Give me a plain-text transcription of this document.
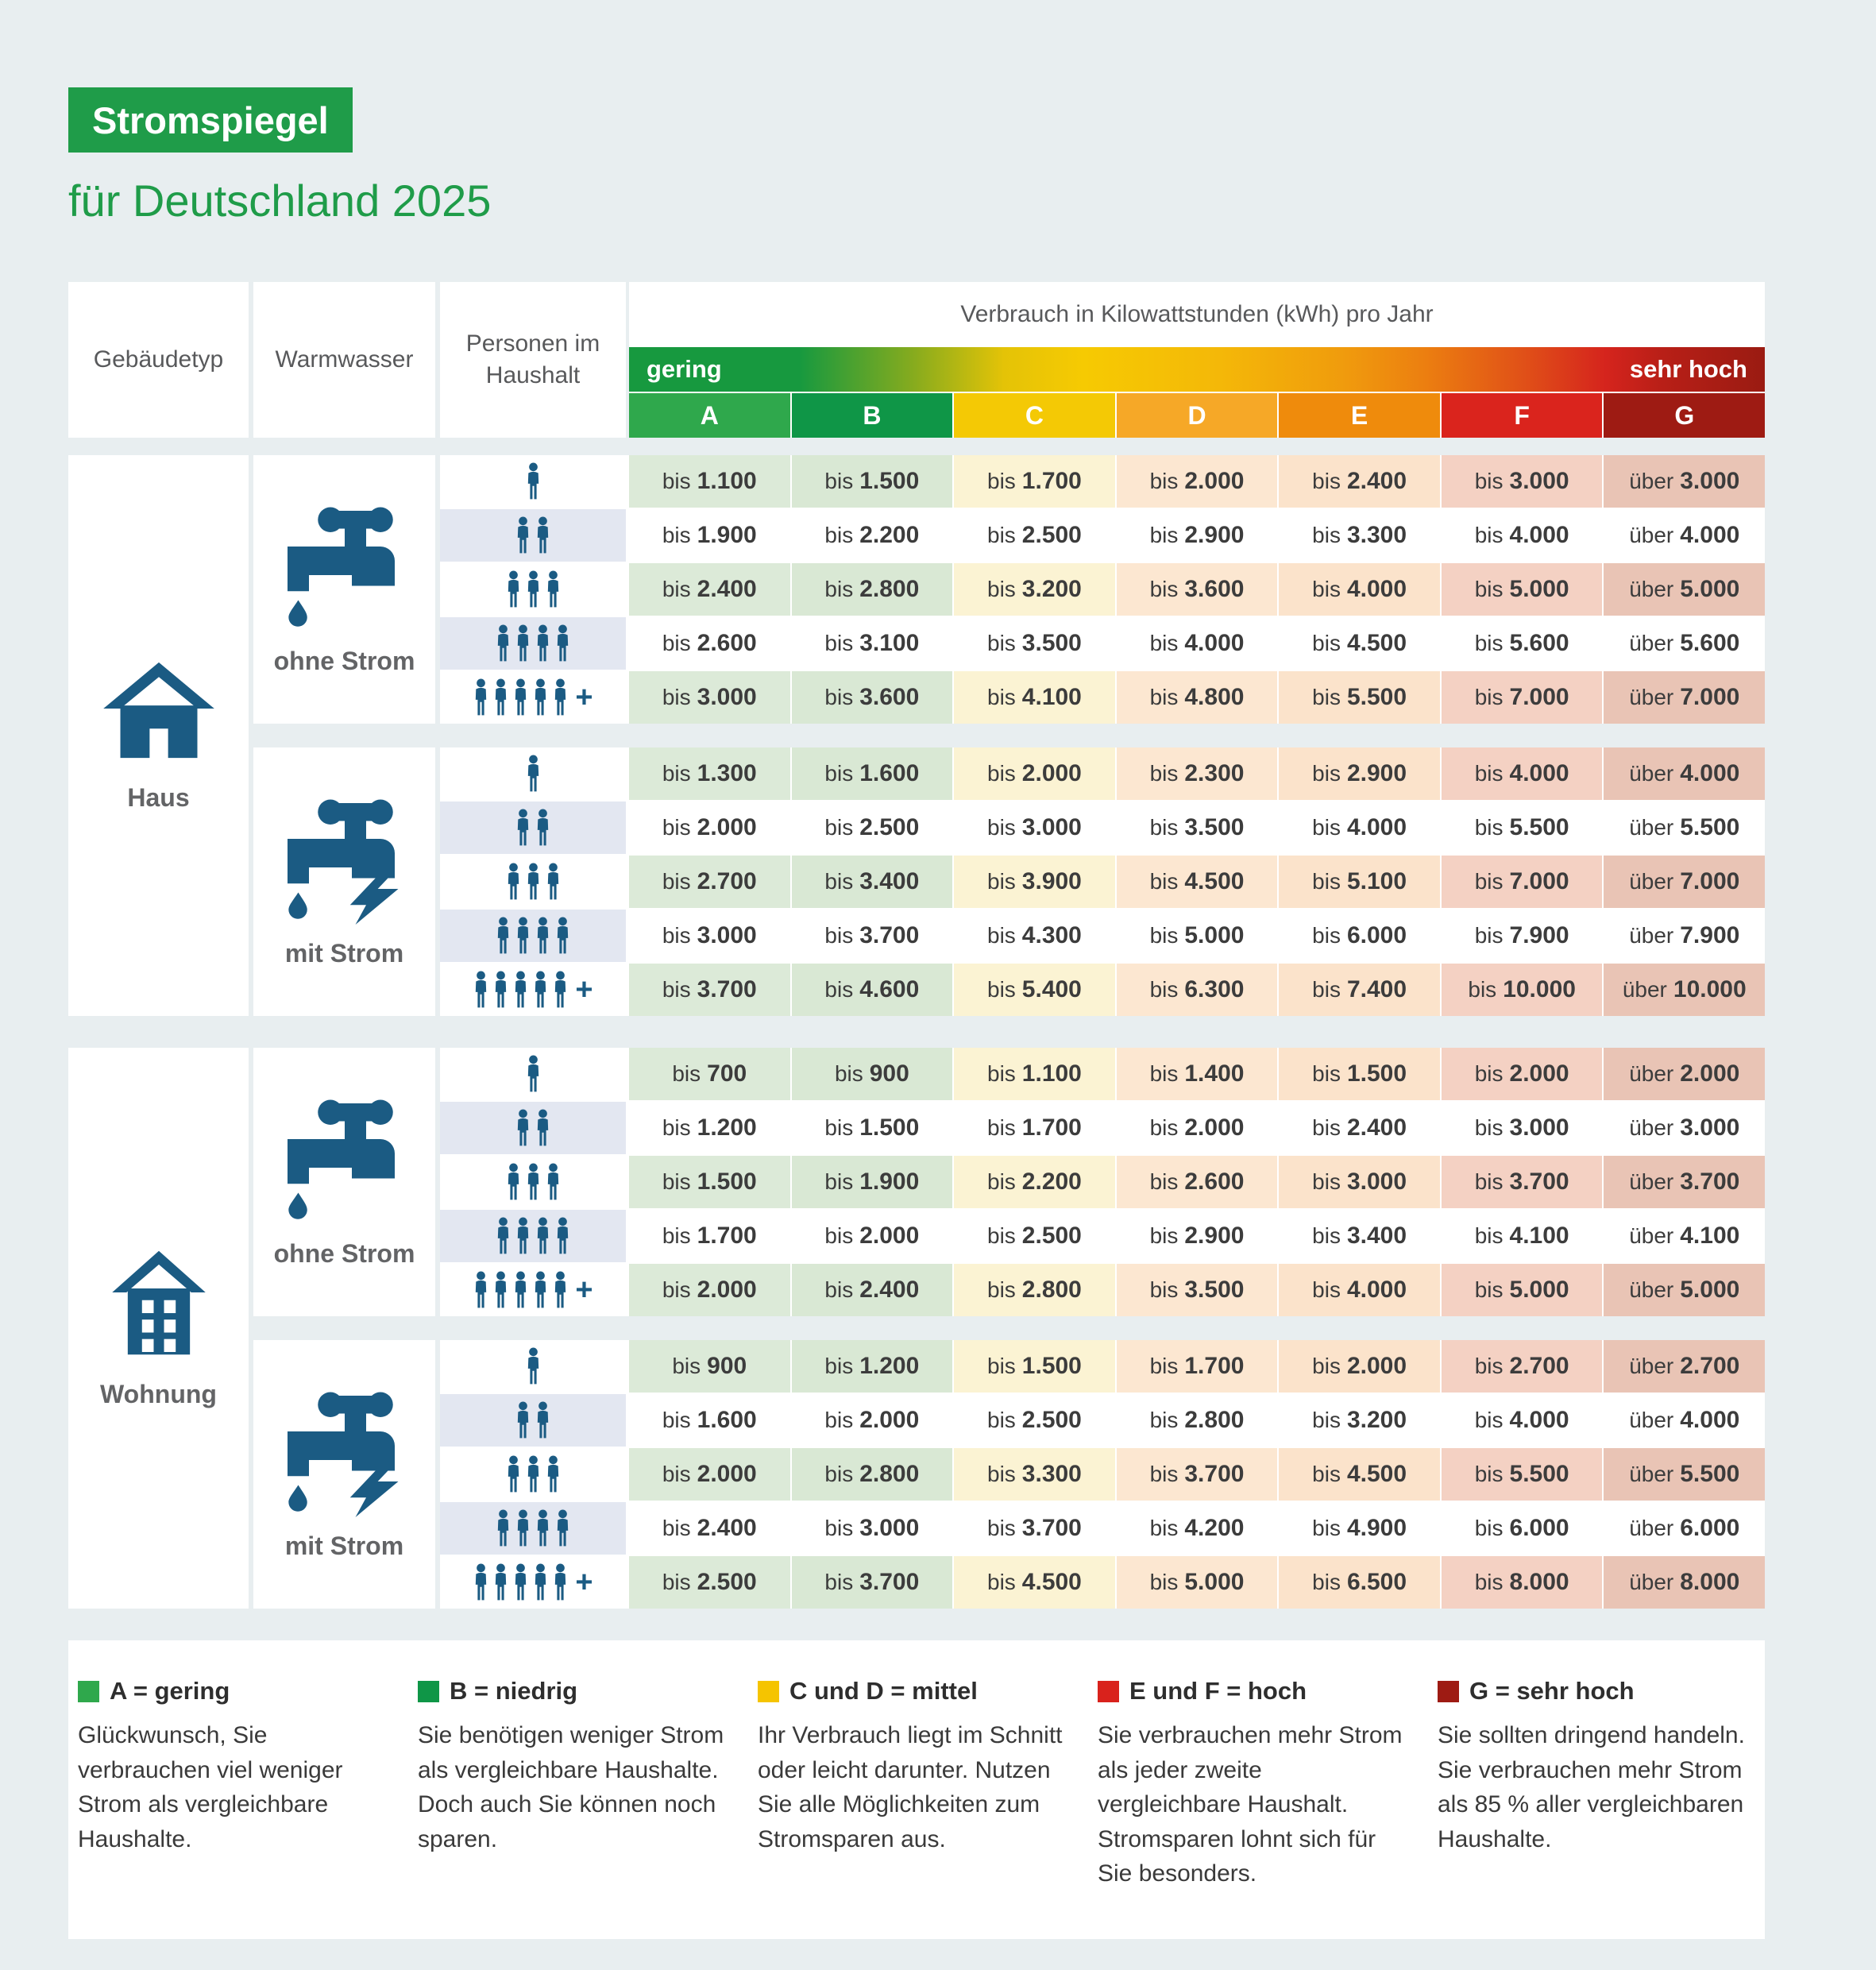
Stromspiegel
für Deutschland 2025
Gebäudetyp	Warmwasser
Personen im Haushalt
Verbrauch in Kilowattstunden (kWh) pro Jahr
gering	sehr hoch
A	B	C	D	E	F	G
Haus
ohne Strom
bis 1.100	bis 1.500	bis 1.700	bis 2.000	bis 2.400	bis 3.000	über 3.000
bis 1.900	bis 2.200	bis 2.500	bis 2.900	bis 3.300	bis 4.000	über 4.000
bis 2.400	bis 2.800	bis 3.200	bis 3.600	bis 4.000	bis 5.000	über 5.000
bis 2.600	bis 3.100	bis 3.500	bis 4.000	bis 4.500	bis 5.600	über 5.600
+	bis 3.000	bis 3.600	bis 4.100	bis 4.800	bis 5.500	bis 7.000	über 7.000
mit Strom
bis 1.300	bis 1.600	bis 2.000	bis 2.300	bis 2.900	bis 4.000	über 4.000
bis 2.000	bis 2.500	bis 3.000	bis 3.500	bis 4.000	bis 5.500	über 5.500
bis 2.700	bis 3.400	bis 3.900	bis 4.500	bis 5.100	bis 7.000	über 7.000
bis 3.000	bis 3.700	bis 4.300	bis 5.000	bis 6.000	bis 7.900	über 7.900
+	bis 3.700	bis 4.600	bis 5.400	bis 6.300	bis 7.400	bis 10.000 über 10.000
Wohnung
ohne Strom
bis 700	bis 900	bis 1.100	bis 1.400	bis 1.500	bis 2.000	über 2.000
bis 1.200	bis 1.500	bis 1.700	bis 2.000	bis 2.400	bis 3.000	über 3.000
bis 1.500	bis 1.900	bis 2.200	bis 2.600	bis 3.000	bis 3.700	über 3.700
bis 1.700	bis 2.000	bis 2.500	bis 2.900	bis 3.400	bis 4.100	über 4.100
+	bis 2.000	bis 2.400	bis 2.800	bis 3.500	bis 4.000	bis 5.000	über 5.000
mit Strom
bis 900	bis 1.200	bis 1.500	bis 1.700	bis 2.000	bis 2.700	über 2.700
bis 1.600	bis 2.000	bis 2.500	bis 2.800	bis 3.200	bis 4.000	über 4.000
bis 2.000	bis 2.800	bis 3.300	bis 3.700	bis 4.500	bis 5.500	über 5.500
bis 2.400	bis 3.000	bis 3.700	bis 4.200	bis 4.900	bis 6.000	über 6.000
+	bis 2.500	bis 3.700	bis 4.500	bis 5.000	bis 6.500	bis 8.000	über 8.000
A = gering
Glückwunsch, Sie verbrauchen viel weniger Strom als vergleichbare Haushalte.
B = niedrig
Sie benötigen weniger Strom als vergleichbare Haushalte. Doch auch Sie können noch sparen.
C und D = mittel
Ihr Verbrauch liegt im Schnitt oder leicht darunter. Nutzen Sie alle Möglichkeiten zum Stromsparen aus.
E und F = hoch
Sie verbrauchen mehr Strom als jeder zweite vergleichbare Haushalt. Stromsparen lohnt sich für Sie besonders.
G = sehr hoch
Sie sollten dringend handeln. Sie verbrauchen mehr Strom als 85 % aller vergleichbaren Haushalte.
